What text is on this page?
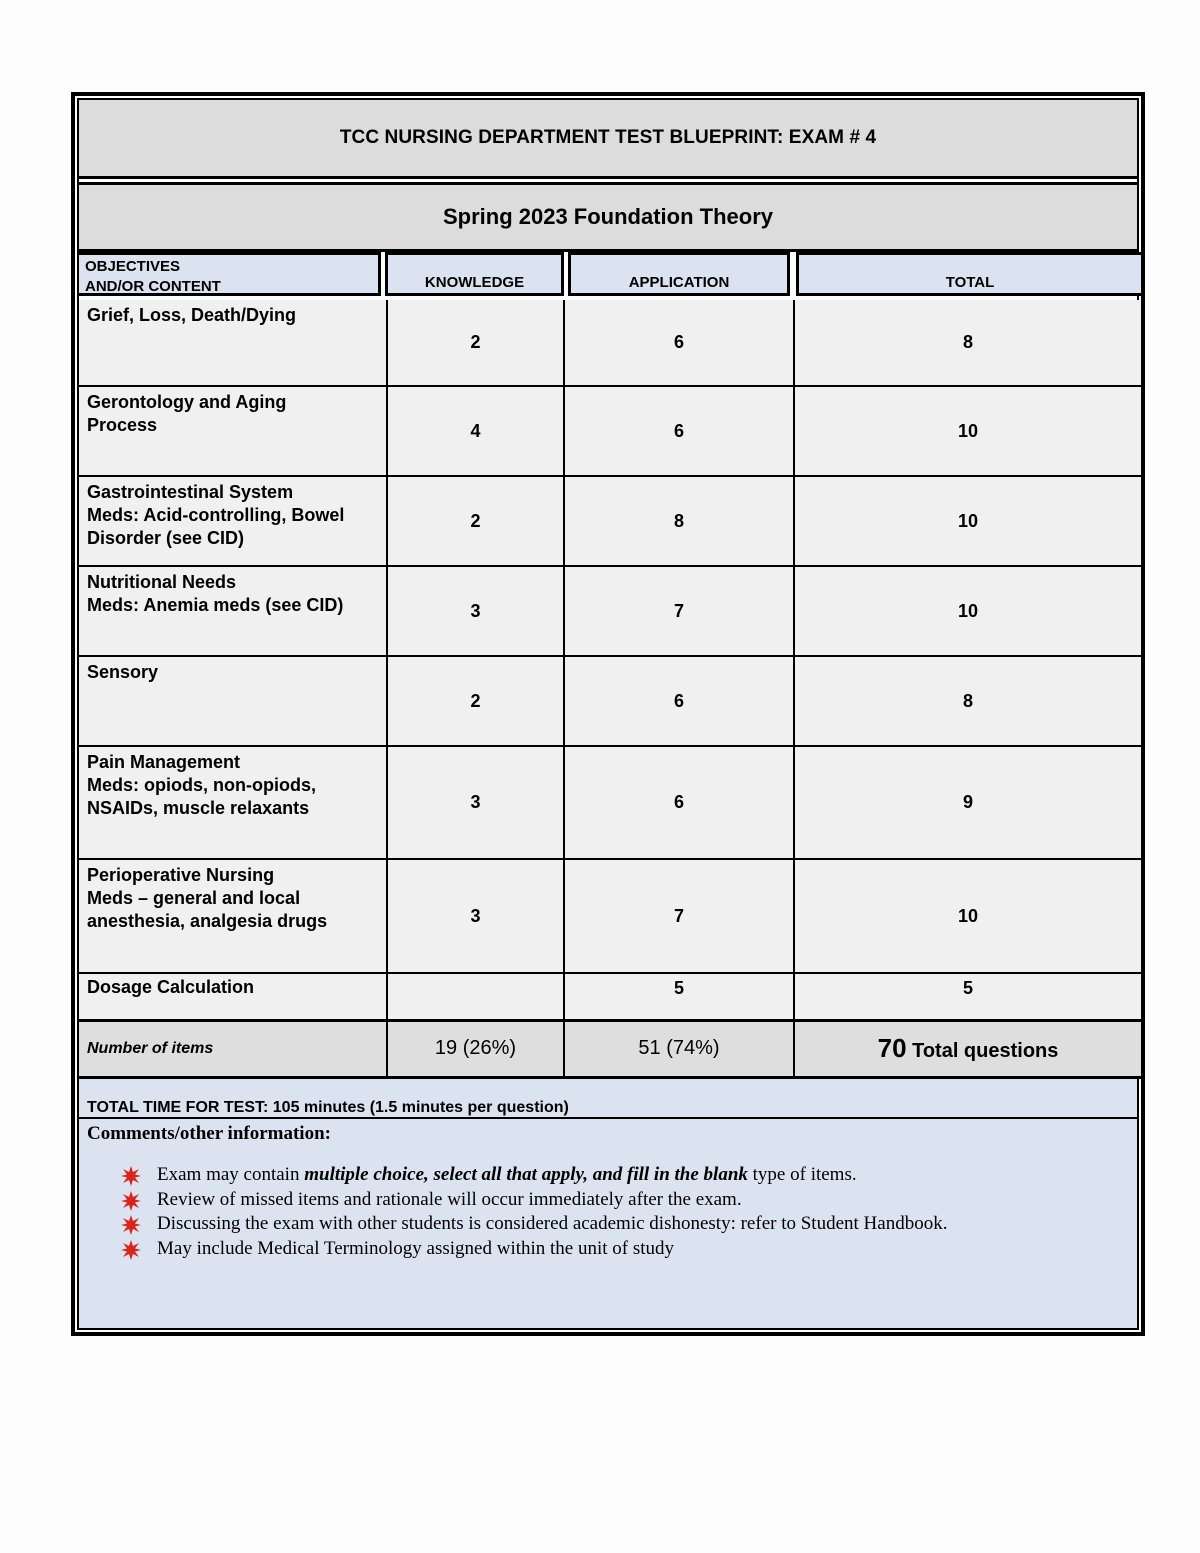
TCC NURSING DEPARTMENT TEST BLUEPRINT: EXAM # 4
Spring 2023 Foundation Theory
OBJECTIVES
AND/OR CONTENT	KNOWLEDGE	APPLICATION	TOTAL
Grief, Loss, Death/Dying	2	6	8

Gerontology and Aging
Process	4	6	10

Gastrointestinal System
Meds: Acid-controlling, Bowel
Disorder (see CID)	2	8	10

Nutritional Needs
Meds: Anemia meds (see CID)	3	7	10

Sensory	2	6	8

Pain Management
Meds: opiods, non-opiods,
NSAIDs, muscle relaxants	3	6	9

Perioperative Nursing
Meds – general and local
anesthesia, analgesia drugs	3	7	10

Dosage Calculation		5	5
Number of items	19 (26%)	51 (74%)	70 Total questions
TOTAL TIME FOR TEST: 105 minutes (1.5 minutes per question)
Comments/other information:
Exam may contain multiple choice, select all that apply, and fill in the blank type of items.
Review of missed items and rationale will occur immediately after the exam.
Discussing the exam with other students is considered academic dishonesty: refer to Student Handbook.
May include Medical Terminology assigned within the unit of study
